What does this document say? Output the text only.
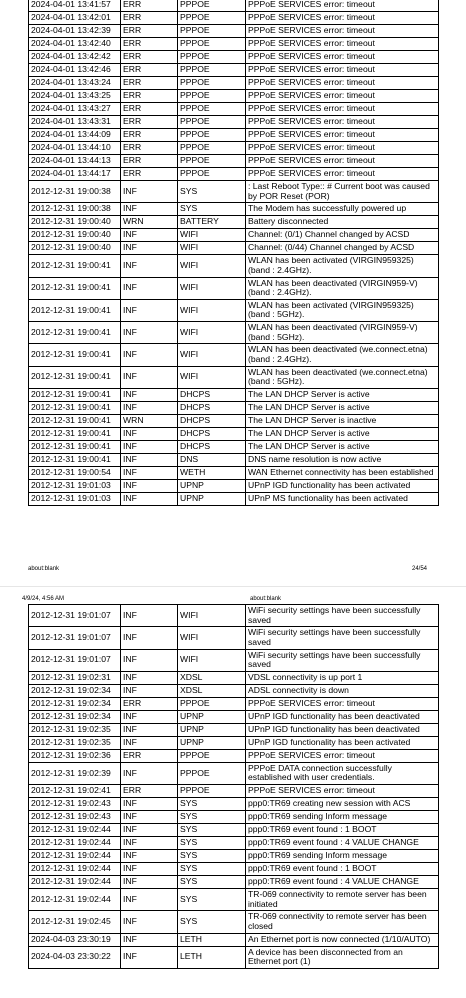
2024-04-01 13:41:57	ERR	PPPOE	PPPoE SERVICES error: timeout
2024-04-01 13:42:01	ERR	PPPOE	PPPoE SERVICES error: timeout
2024-04-01 13:42:39	ERR	PPPOE	PPPoE SERVICES error: timeout
2024-04-01 13:42:40	ERR	PPPOE	PPPoE SERVICES error: timeout
2024-04-01 13:42:42	ERR	PPPOE	PPPoE SERVICES error: timeout
2024-04-01 13:42:46	ERR	PPPOE	PPPoE SERVICES error: timeout
2024-04-01 13:43:24	ERR	PPPOE	PPPoE SERVICES error: timeout
2024-04-01 13:43:25	ERR	PPPOE	PPPoE SERVICES error: timeout
2024-04-01 13:43:27	ERR	PPPOE	PPPoE SERVICES error: timeout
2024-04-01 13:43:31	ERR	PPPOE	PPPoE SERVICES error: timeout
2024-04-01 13:44:09	ERR	PPPOE	PPPoE SERVICES error: timeout
2024-04-01 13:44:10	ERR	PPPOE	PPPoE SERVICES error: timeout
2024-04-01 13:44:13	ERR	PPPOE	PPPoE SERVICES error: timeout
2024-04-01 13:44:17	ERR	PPPOE	PPPoE SERVICES error: timeout
2012-12-31 19:00:38	INF	SYS	: Last Reboot Type:: # Current boot was caused by POR Reset (POR)
2012-12-31 19:00:38	INF	SYS	The Modem has successfully powered up
2012-12-31 19:00:40	WRN	BATTERY	Battery disconnected
2012-12-31 19:00:40	INF	WIFI	Channel: (0/1) Channel changed by ACSD
2012-12-31 19:00:40	INF	WIFI	Channel: (0/44) Channel changed by ACSD
2012-12-31 19:00:41	INF	WIFI	WLAN has been activated (VIRGIN959325) (band : 2.4GHz).
2012-12-31 19:00:41	INF	WIFI	WLAN has been deactivated (VIRGIN959-V) (band : 2.4GHz).
2012-12-31 19:00:41	INF	WIFI	WLAN has been activated (VIRGIN959325) (band : 5GHz).
2012-12-31 19:00:41	INF	WIFI	WLAN has been deactivated (VIRGIN959-V) (band : 5GHz).
2012-12-31 19:00:41	INF	WIFI	WLAN has been deactivated (we.connect.etna) (band : 2.4GHz).
2012-12-31 19:00:41	INF	WIFI	WLAN has been deactivated (we.connect.etna) (band : 5GHz).
2012-12-31 19:00:41	INF	DHCPS	The LAN DHCP Server is active
2012-12-31 19:00:41	INF	DHCPS	The LAN DHCP Server is active
2012-12-31 19:00:41	WRN	DHCPS	The LAN DHCP Server is inactive
2012-12-31 19:00:41	INF	DHCPS	The LAN DHCP Server is active
2012-12-31 19:00:41	INF	DHCPS	The LAN DHCP Server is active
2012-12-31 19:00:41	INF	DNS	DNS name resolution is now active
2012-12-31 19:00:54	INF	WETH	WAN Ethernet connectivity has been established
2012-12-31 19:01:03	INF	UPNP	UPnP IGD functionality has been activated
2012-12-31 19:01:03	INF	UPNP	UPnP MS functionality has been activated
about:blank	24/54
4/9/24, 4:56 AM	about:blank
2012-12-31 19:01:07	INF	WIFI	WiFi security settings have been successfully saved
2012-12-31 19:01:07	INF	WIFI	WiFi security settings have been successfully saved
2012-12-31 19:01:07	INF	WIFI	WiFi security settings have been successfully saved
2012-12-31 19:02:31	INF	XDSL	VDSL connectivity is up port 1
2012-12-31 19:02:34	INF	XDSL	ADSL connectivity is down
2012-12-31 19:02:34	ERR	PPPOE	PPPoE SERVICES error: timeout
2012-12-31 19:02:34	INF	UPNP	UPnP IGD functionality has been deactivated
2012-12-31 19:02:35	INF	UPNP	UPnP IGD functionality has been deactivated
2012-12-31 19:02:35	INF	UPNP	UPnP IGD functionality has been activated
2012-12-31 19:02:36	ERR	PPPOE	PPPoE SERVICES error: timeout
2012-12-31 19:02:39	INF	PPPOE	PPPoE DATA connection successfully established with user credentials.
2012-12-31 19:02:41	ERR	PPPOE	PPPoE SERVICES error: timeout
2012-12-31 19:02:43	INF	SYS	ppp0:TR69 creating new session with ACS
2012-12-31 19:02:43	INF	SYS	ppp0:TR69 sending Inform message
2012-12-31 19:02:44	INF	SYS	ppp0:TR69 event found : 1 BOOT
2012-12-31 19:02:44	INF	SYS	ppp0:TR69 event found : 4 VALUE CHANGE
2012-12-31 19:02:44	INF	SYS	ppp0:TR69 sending Inform message
2012-12-31 19:02:44	INF	SYS	ppp0:TR69 event found : 1 BOOT
2012-12-31 19:02:44	INF	SYS	ppp0:TR69 event found : 4 VALUE CHANGE
2012-12-31 19:02:44	INF	SYS	TR-069 connectivity to remote server has been initiated
2012-12-31 19:02:45	INF	SYS	TR-069 connectivity to remote server has been closed
2024-04-03 23:30:19	INF	LETH	An Ethernet port is now connected (1/10/AUTO)
2024-04-03 23:30:22	INF	LETH	A device has been disconnected from an Ethernet port (1)
